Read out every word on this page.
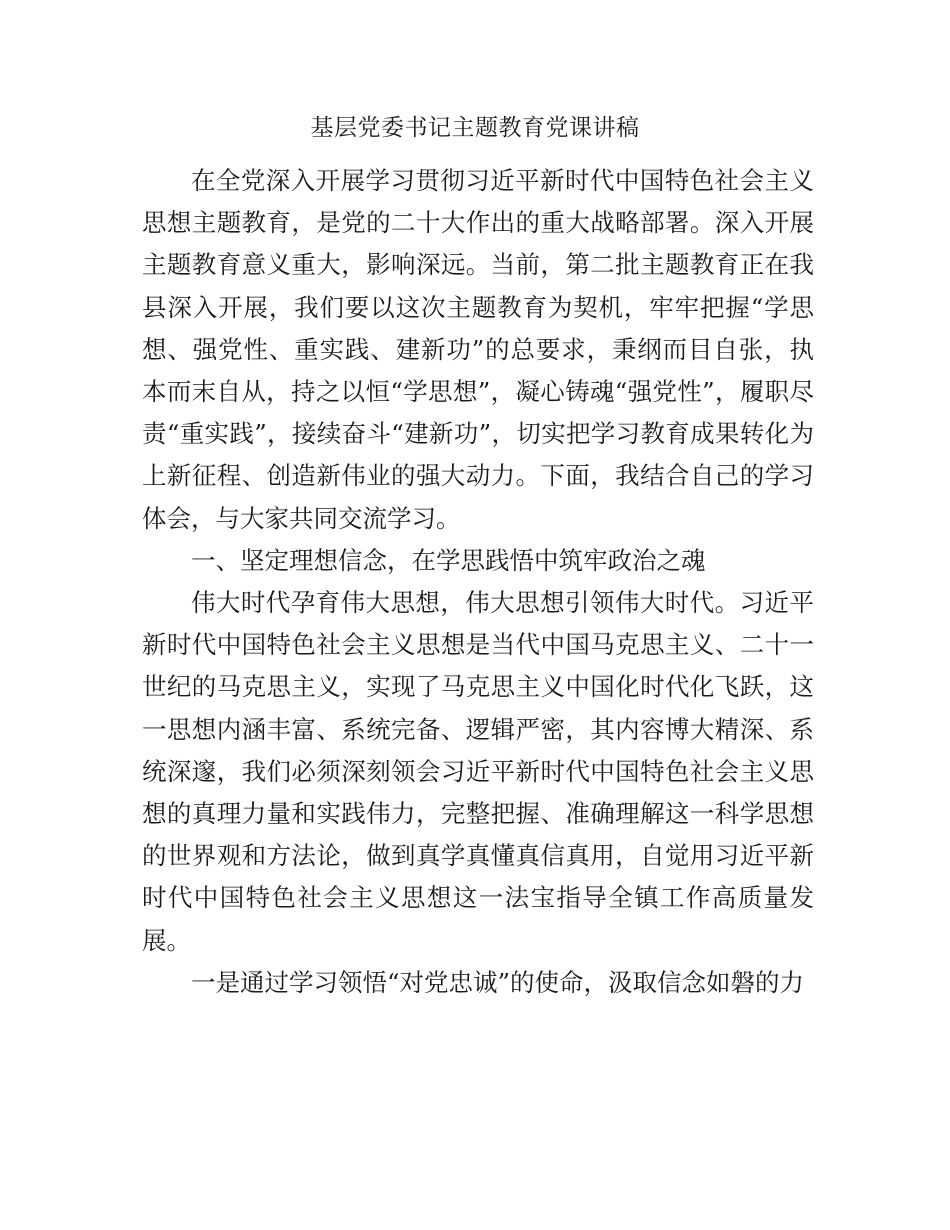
基层党委书记主题教育党课讲稿

在全党深入开展学习贯彻习近平新时代中国特色社会主义思想主题教育，是党的二十大作出的重大战略部署。深入开展主题教育意义重大，影响深远。当前，第二批主题教育正在我县深入开展，我们要以这次主题教育为契机，牢牢把握“学思想、强党性、重实践、建新功”的总要求，秉纲而目自张，执本而末自从，持之以恒“学思想”，凝心铸魂“强党性”，履职尽责“重实践”，接续奋斗“建新功”，切实把学习教育成果转化为上新征程、创造新伟业的强大动力。下面，我结合自己的学习体会，与大家共同交流学习。

一、坚定理想信念，在学思践悟中筑牢政治之魂

伟大时代孕育伟大思想，伟大思想引领伟大时代。习近平新时代中国特色社会主义思想是当代中国马克思主义、二十一世纪的马克思主义，实现了马克思主义中国化时代化飞跃，这一思想内涵丰富、系统完备、逻辑严密，其内容博大精深、系统深邃，我们必须深刻领会习近平新时代中国特色社会主义思想的真理力量和实践伟力，完整把握、准确理解这一科学思想的世界观和方法论，做到真学真懂真信真用，自觉用习近平新时代中国特色社会主义思想这一法宝指导全镇工作高质量发展。

一是通过学习领悟“对党忠诚”的使命，汲取信念如磐的力
